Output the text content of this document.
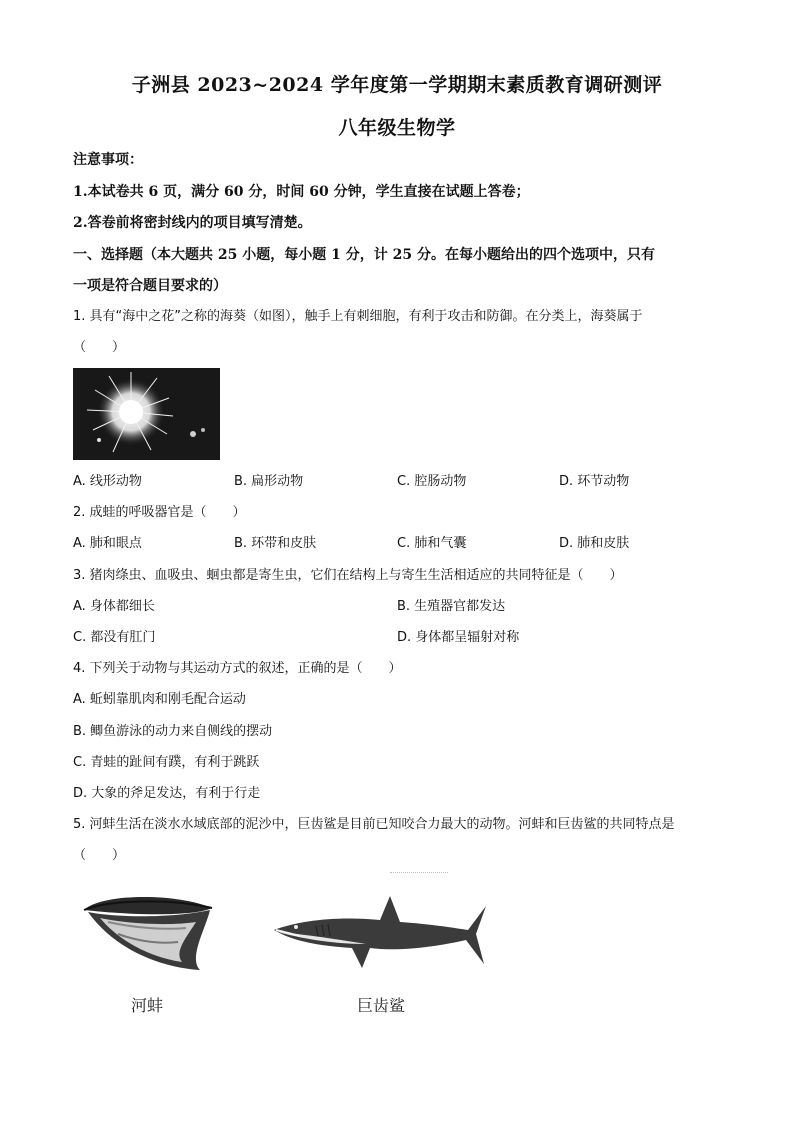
子洲县 2023~2024 学年度第一学期期末素质教育调研测评
八年级生物学
注意事项：
1.本试卷共 6 页，满分 60 分，时间 60 分钟，学生直接在试题上答卷；
2.答卷前将密封线内的项目填写清楚。
一、选择题（本大题共 25 小题，每小题 1 分，计 25 分。在每小题给出的四个选项中，只有
一项是符合题目要求的）
1. 具有“海中之花”之称的海葵（如图），触手上有刺细胞，有利于攻击和防御。在分类上，海葵属于
（　　）
A. 线形动物	B. 扁形动物	C. 腔肠动物	D. 环节动物
2. 成蛙的呼吸器官是（　　）
A. 肺和眼点	B. 环带和皮肤	C. 肺和气囊	D. 肺和皮肤
3. 猪肉绦虫、血吸虫、蛔虫都是寄生虫，它们在结构上与寄生生活相适应的共同特征是（　　）
A. 身体都细长	B. 生殖器官都发达
C. 都没有肛门	D. 身体都呈辐射对称
4. 下列关于动物与其运动方式的叙述，正确的是（　　）
A. 蚯蚓靠肌肉和刚毛配合运动
B. 鲫鱼游泳的动力来自侧线的摆动
C. 青蛙的趾间有蹼，有利于跳跃
D. 大象的斧足发达，有利于行走
5. 河蚌生活在淡水水域底部的泥沙中，巨齿鲨是目前已知咬合力最大的动物。河蚌和巨齿鲨的共同特点是
（　　）
河蚌	巨齿鲨
